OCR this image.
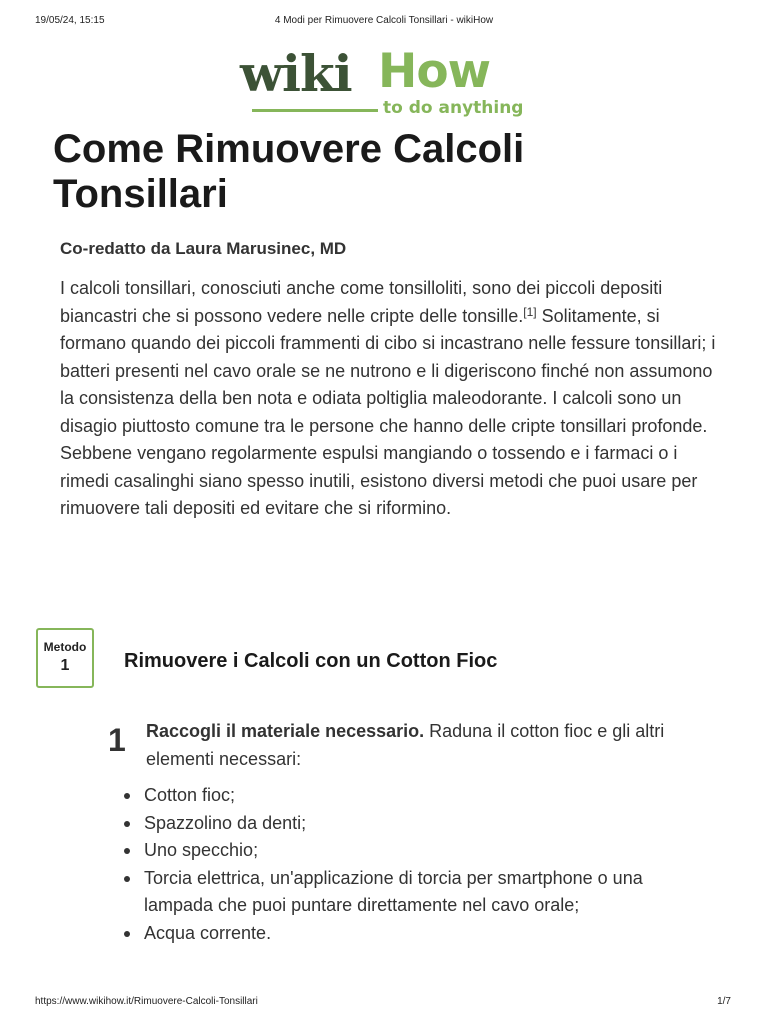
19/05/24, 15:15	4 Modi per Rimuovere Calcoli Tonsillari - wikiHow
wiki How
to do anything
Come Rimuovere Calcoli Tonsillari

Co-redatto da Laura Marusinec, MD

I calcoli tonsillari, conosciuti anche come tonsilloliti, sono dei piccoli depositi biancastri che si possono vedere nelle cripte delle tonsille.[1] Solitamente, si formano quando dei piccoli frammenti di cibo si incastrano nelle fessure tonsillari; i batteri presenti nel cavo orale se ne nutrono e li digeriscono finché non assumono la consistenza della ben nota e odiata poltiglia maleodorante. I calcoli sono un disagio piuttosto comune tra le persone che hanno delle cripte tonsillari profonde. Sebbene vengano regolarmente espulsi mangiando o tossendo e i farmaci o i rimedi casalinghi siano spesso inutili, esistono diversi metodi che puoi usare per rimuovere tali depositi ed evitare che si riformino.

Metodo
1	Rimuovere i Calcoli con un Cotton Fioc
1 Raccogli il materiale necessario. Raduna il cotton fioc e gli altri elementi necessari:

Cotton fioc;
Spazzolino da denti;
Uno specchio;
Torcia elettrica, un'applicazione di torcia per smartphone o una lampada che puoi puntare direttamente nel cavo orale;
Acqua corrente.
https://www.wikihow.it/Rimuovere-Calcoli-Tonsillari	1/7
